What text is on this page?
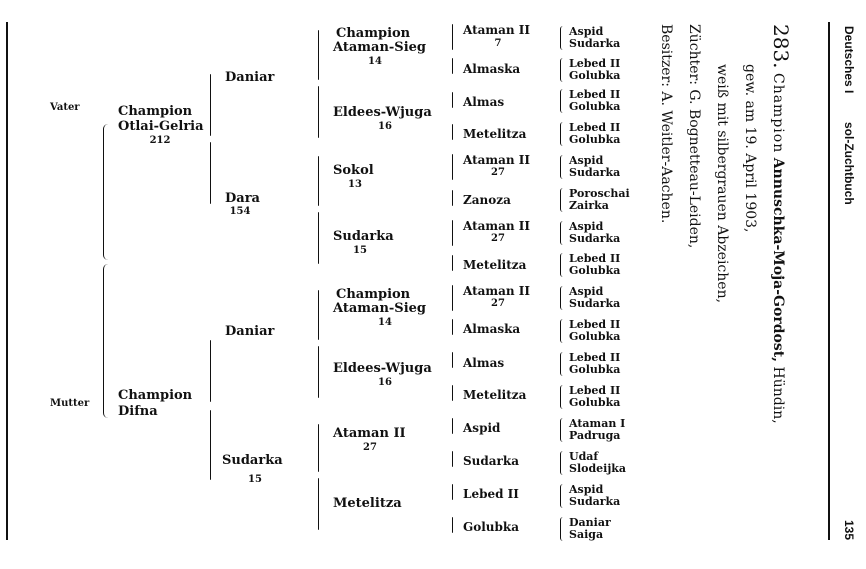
Deutsches I
sol-Zuchtbuch
135
283. Champion Annuschka-Moja-Gordost, Hündin,
gew. am 19. April 1903,
weiß mit silbergrauen Abzeichen,
Züchter: G. Bognetteau-Leiden,
Besitzer: A. Weitler-Aachen.
Vater
Mutter
Champion
Otlai-Gelria
212
Champion
Difna
Daniar
Dara
154
Daniar
Sudarka
15
Champion
Ataman-Sieg
14
Eldees-Wjuga
16
Sokol
13
Sudarka
15
Champion
Ataman-Sieg
14
Eldees-Wjuga
16
Ataman II
27
Metelitza
Ataman II
7
Almaska
Almas
Metelitza
Ataman II
27
Zanoza
Ataman II
27
Metelitza
Ataman II
27
Almaska
Almas
Metelitza
Aspid
Sudarka
Lebed II
Golubka
Aspid
Sudarka
Lebed II
Golubka
Lebed II
Golubka
Lebed II
Golubka
Aspid
Sudarka
Poroschai
Zairka
Aspid
Sudarka
Lebed II
Golubka
Aspid
Sudarka
Lebed II
Golubka
Lebed II
Golubka
Lebed II
Golubka
Ataman I
Padruga
Udaf
Slodeijka
Aspid
Sudarka
Daniar
Saiga
